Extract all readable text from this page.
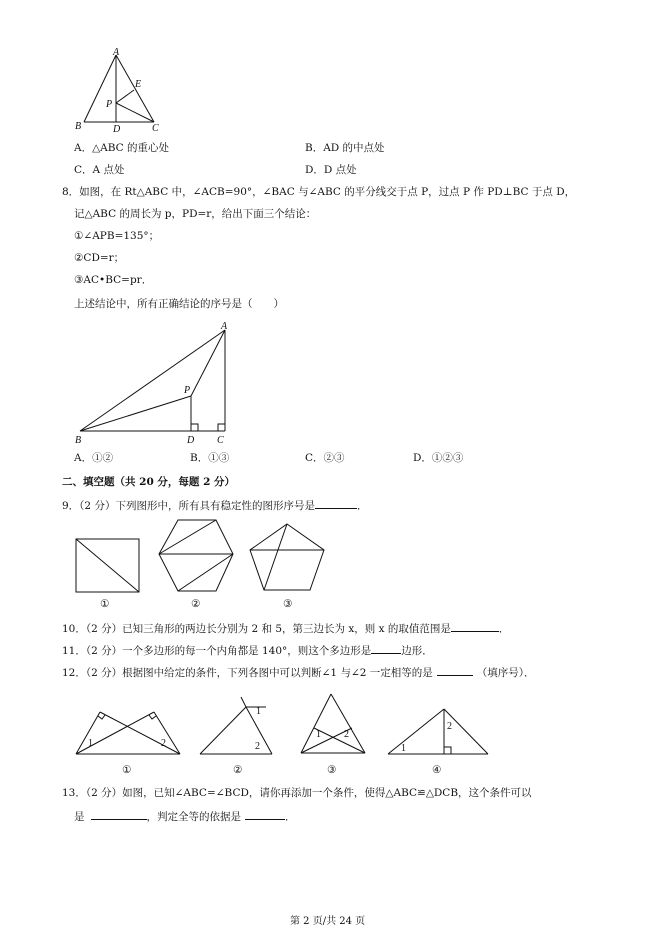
A
E
P
B	D	C
A．△ABC 的重心处	B．AD 的中点处
C．A 点处	D．D 点处
8．如图，在 Rt△ABC 中，∠ACB=90°，∠BAC 与∠ABC 的平分线交于点 P，过点 P 作 PD⊥BC 于点 D，
记△ABC 的周长为 p，PD=r，给出下面三个结论：
①∠APB=135°；
②CD=r；
③AC•BC=pr．
上述结论中，所有正确结论的序号是（　　）
A
P
B	D C
A．①②	B．①③	C．②③	D．①②③
二、填空题（共 20 分，每题 2 分）
9．（2 分）下列图形中，所有具有稳定性的图形序号是	．
①	②	③
10．（2 分）已知三角形的两边长分别为 2 和 5，第三边长为 x，则 x 的取值范围是	．
11．（2 分）一个多边形的每一个内角都是 140°，则这个多边形是	边形．
12．（2 分）根据图中给定的条件，下列各图中可以判断∠1 与∠2 一定相等的是	（填序号）．
1	2
1
2
1 2
1
2
①	②	③	④
13．（2 分）如图，已知∠ABC=∠BCD，请你再添加一个条件，使得△ABC≌△DCB，这个条件可以
是	，判定全等的依据是	．
第 2 页/共 24 页
